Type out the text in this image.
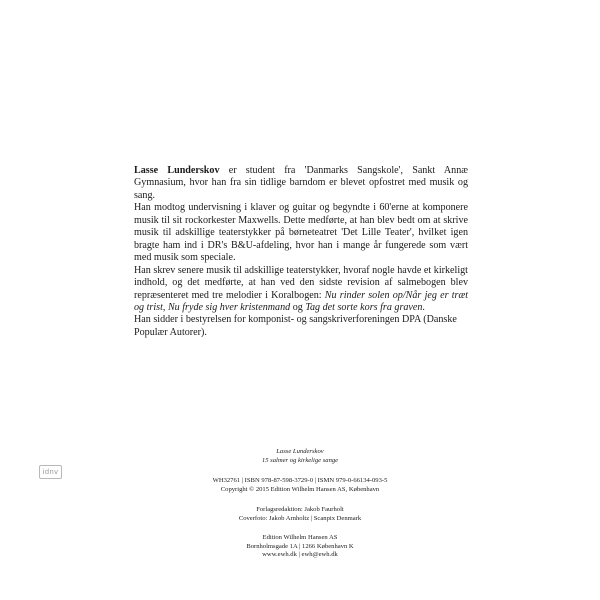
Lasse Lunderskov er student fra 'Danmarks Sangskole', Sankt Annæ Gymnasium, hvor han fra sin tidlige barndom er blevet opfostret med musik og sang.

Han modtog undervisning i klaver og guitar og begyndte i 60'erne at komponere musik til sit rockorkester Maxwells. Dette medførte, at han blev bedt om at skrive musik til adskillige teaterstykker på børneteatret 'Det Lille Teater', hvilket igen bragte ham ind i DR's B&U-afdeling, hvor han i mange år fungerede som vært med musik som speciale.

Han skrev senere musik til adskillige teaterstykker, hvoraf nogle havde et kirkeligt indhold, og det medførte, at han ved den sidste revision af salmebogen blev repræsenteret med tre melodier i Koralbogen: Nu rinder solen op/Når jeg er træt og trist, Nu fryde sig hver kristenmand og Tag det sorte kors fra graven.

Han sidder i bestyrelsen for komponist- og sangskriverforeningen DPA (Danske Populær Autorer).

idnv

Lasse Lunderskov

15 salmer og kirkelige sange

WH32761 | ISBN 978-87-598-3729-0 | ISMN 979-0-66134-093-5

Copyright © 2015 Edition Wilhelm Hansen AS, København

Forlagsredaktion: Jakob Faurholt

Coverfoto: Jakob Arnholtz | Scanpix Denmark

Edition Wilhelm Hansen AS

Bornholmsgade 1A | 1266 København K

www.ewh.dk | ewh@ewh.dk
